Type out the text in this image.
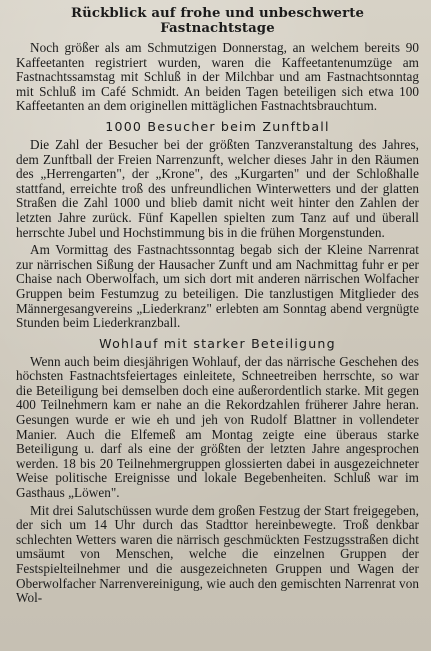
Rückblick auf frohe und unbeschwerte
Fastnachtstage

Noch größer als am Schmutzigen Donnerstag, an welchem bereits 90 Kaffeetanten registriert wurden, waren die Kaffeetantenumzüge am Fastnachtssamstag mit Schluß in der Milchbar und am Fastnachtsonntag mit Schluß im Café Schmidt. An beiden Tagen beteiligen sich etwa 100 Kaffeetanten an dem originellen mittäglichen Fastnachtsbrauchtum.

1000 Besucher beim Zunftball

Die Zahl der Besucher bei der größten Tanzveranstaltung des Jahres, dem Zunftball der Freien Narrenzunft, welcher dieses Jahr in den Räumen des „Herrengarten", der „Krone", des „Kurgarten" und der Schloßhalle stattfand, erreichte troß des unfreundlichen Winterwetters und der glatten Straßen die Zahl 1000 und blieb damit nicht weit hinter den Zahlen der letzten Jahre zurück. Fünf Kapellen spielten zum Tanz auf und überall herrschte Jubel und Hochstimmung bis in die frühen Morgenstunden.

Am Vormittag des Fastnachtssonntag begab sich der Kleine Narrenrat zur närrischen Sißung der Hausacher Zunft und am Nachmittag fuhr er per Chaise nach Oberwolfach, um sich dort mit anderen närrischen Wolfacher Gruppen beim Festumzug zu beteiligen. Die tanzlustigen Mitglieder des Männergesangvereins „Liederkranz" erlebten am Sonntag abend vergnügte Stunden beim Liederkranzball.

Wohlauf mit starker Beteiligung

Wenn auch beim diesjährigen Wohlauf, der das närrische Geschehen des höchsten Fastnachtsfeiertages einleitete, Schneetreiben herrschte, so war die Beteiligung bei demselben doch eine außerordentlich starke. Mit gegen 400 Teilnehmern kam er nahe an die Rekordzahlen früherer Jahre heran. Gesungen wurde er wie eh und jeh von Rudolf Blattner in vollendeter Manier. Auch die Elfemeß am Montag zeigte eine überaus starke Beteiligung u. darf als eine der größten der letzten Jahre angesprochen werden. 18 bis 20 Teilnehmergruppen glossierten dabei in ausgezeichneter Weise politische Ereignisse und lokale Begebenheiten. Schluß war im Gasthaus „Löwen".

Mit drei Salutschüssen wurde dem großen Festzug der Start freigegeben, der sich um 14 Uhr durch das Stadttor hereinbewegte. Troß denkbar schlechten Wetters waren die närrisch geschmückten Festzugsstraßen dicht umsäumt von Menschen, welche die einzelnen Gruppen der Festspielteilnehmer und die ausgezeichneten Gruppen und Wagen der Oberwolfacher Narrenvereinigung, wie auch den gemischten Narrenrat von Wol-
